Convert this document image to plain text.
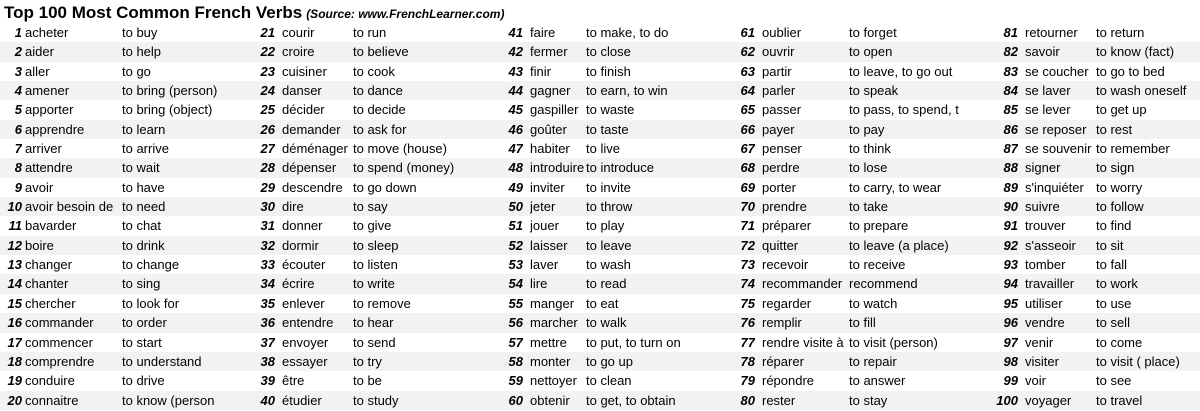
Top 100 Most Common French Verbs (Source: www.FrenchLearner.com)
1 acheter	to buy	21 courir	to run	41 faire	to make, to do	61 oublier	to forget	81 retourner	to return
2 aider	to help	22 croire	to believe	42 fermer	to close	62 ouvrir	to open	82 savoir	to know (fact)
3 aller	to go	23 cuisiner	to cook	43 finir	to finish	63 partir	to leave, to go out	83 se coucher to go to bed
4 amener	to bring (person)	24 danser	to dance	44 gagner	to earn, to win	64 parler	to speak	84 se laver	to wash oneself
5 apporter	to bring (object)	25 décider	to decide	45 gaspiller to waste	65 passer	to pass, to spend, t	85 se lever	to get up
6 apprendre	to learn	26 demander to ask for	46 goûter	to taste	66 payer	to pay	86 se reposer to rest
7 arriver	to arrive	27 déménager to move (house)	47 habiter	to live	67 penser	to think	87 se souvenir to remember
8 attendre	to wait	28 dépenser	to spend (money)	48 introduire to introduce	68 perdre	to lose	88 signer	to sign
9 avoir	to have	29 descendre to go down	49 inviter	to invite	69 porter	to carry, to wear	89 s'inquiéter to worry
10 avoir besoin de to need	30 dire	to say	50 jeter	to throw	70 prendre	to take	90 suivre	to follow
11 bavarder	to chat	31 donner	to give	51 jouer	to play	71 préparer	to prepare	91 trouver	to find
12 boire	to drink	32 dormir	to sleep	52 laisser	to leave	72 quitter	to leave (a place)	92 s'asseoir	to sit
13 changer	to change	33 écouter	to listen	53 laver	to wash	73 recevoir	to receive	93 tomber	to fall
14 chanter	to sing	34 écrire	to write	54 lire	to read	74 recommander recommend	94 travailler	to work
15 chercher	to look for	35 enlever	to remove	55 manger to eat	75 regarder	to watch	95 utiliser	to use
16 commander	to order	36 entendre	to hear	56 marcher to walk	76 remplir	to fill	96 vendre	to sell
17 commencer	to start	37 envoyer	to send	57 mettre	to put, to turn on	77 rendre visite à to visit (person)	97 venir	to come
18 comprendre	to understand	38 essayer	to try	58 monter	to go up	78 réparer	to repair	98 visiter	to visit ( place)
19 conduire	to drive	39 être	to be	59 nettoyer to clean	79 répondre	to answer	99 voir	to see
20 connaitre	to know (person	40 étudier	to study	60 obtenir	to get, to obtain	80 rester	to stay	100 voyager	to travel
